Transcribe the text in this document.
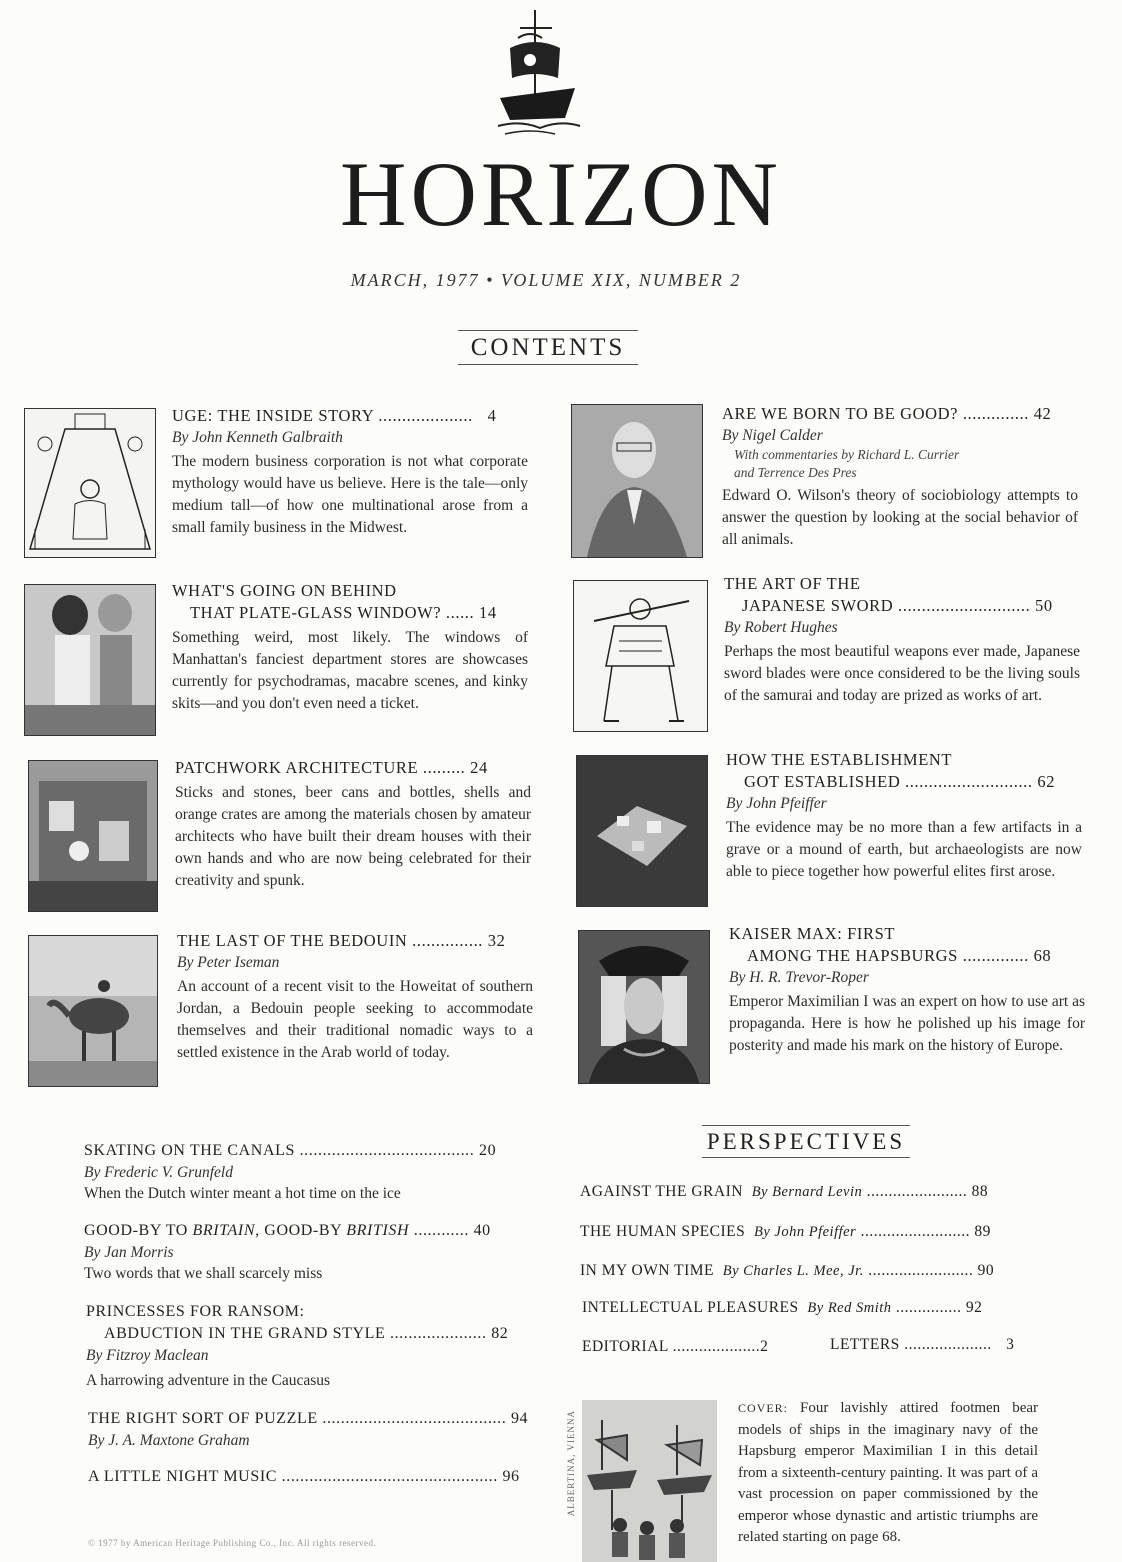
HORIZON
MARCH, 1977 • VOLUME XIX, NUMBER 2
CONTENTS
UGE: THE INSIDE STORY .................... 4
By John Kenneth Galbraith
The modern business corporation is not what corporate mythology would have us believe. Here is the tale—only medium tall—of how one multinational arose from a small family business in the Midwest.
WHAT'S GOING ON BEHIND
THAT PLATE-GLASS WINDOW? ...... 14
Something weird, most likely. The windows of Manhattan's fanciest department stores are showcases currently for psychodramas, macabre scenes, and kinky skits—and you don't even need a ticket.
PATCHWORK ARCHITECTURE ......... 24
Sticks and stones, beer cans and bottles, shells and orange crates are among the materials chosen by amateur architects who have built their dream houses with their own hands and who are now being celebrated for their creativity and spunk.
THE LAST OF THE BEDOUIN ............... 32
By Peter Iseman
An account of a recent visit to the Howeitat of southern Jordan, a Bedouin people seeking to accommodate themselves and their traditional nomadic ways to a settled existence in the Arab world of today.
ARE WE BORN TO BE GOOD? .............. 42
By Nigel Calder
With commentaries by Richard L. Currier
and Terrence Des Pres
Edward O. Wilson's theory of sociobiology attempts to answer the question by looking at the social behavior of all animals.
THE ART OF THE
JAPANESE SWORD ............................ 50
By Robert Hughes
Perhaps the most beautiful weapons ever made, Japanese sword blades were once considered to be the living souls of the samurai and today are prized as works of art.
HOW THE ESTABLISHMENT
GOT ESTABLISHED ........................... 62
By John Pfeiffer
The evidence may be no more than a few artifacts in a grave or a mound of earth, but archaeologists are now able to piece together how powerful elites first arose.
KAISER MAX: FIRST
AMONG THE HAPSBURGS .............. 68
By H. R. Trevor-Roper
Emperor Maximilian I was an expert on how to use art as propaganda. Here is how he polished up his image for posterity and made his mark on the history of Europe.
SKATING ON THE CANALS ...................................... 20
By Frederic V. Grunfeld
When the Dutch winter meant a hot time on the ice
GOOD-BY TO BRITAIN, GOOD-BY BRITISH ............ 40
By Jan Morris
Two words that we shall scarcely miss
PRINCESSES FOR RANSOM:
ABDUCTION IN THE GRAND STYLE ..................... 82
By Fitzroy Maclean
A harrowing adventure in the Caucasus
THE RIGHT SORT OF PUZZLE ........................................ 94
By J. A. Maxtone Graham
A LITTLE NIGHT MUSIC ............................................... 96
PERSPECTIVES
AGAINST THE GRAIN By Bernard Levin ....................... 88
THE HUMAN SPECIES By John Pfeiffer ......................... 89
IN MY OWN TIME By Charles L. Mee, Jr. ........................ 90
INTELLECTUAL PLEASURES By Red Smith ............... 92
EDITORIAL ....................2	LETTERS .................... 3
ALBERTINA, VIENNA
COVER: Four lavishly attired footmen bear models of ships in the imaginary navy of the Hapsburg emperor Maximilian I in this detail from a sixteenth-century painting. It was part of a vast procession on paper commissioned by the emperor whose dynastic and artistic triumphs are related starting on page 68.
© 1977 by American Heritage Publishing Co., Inc. All rights reserved.
